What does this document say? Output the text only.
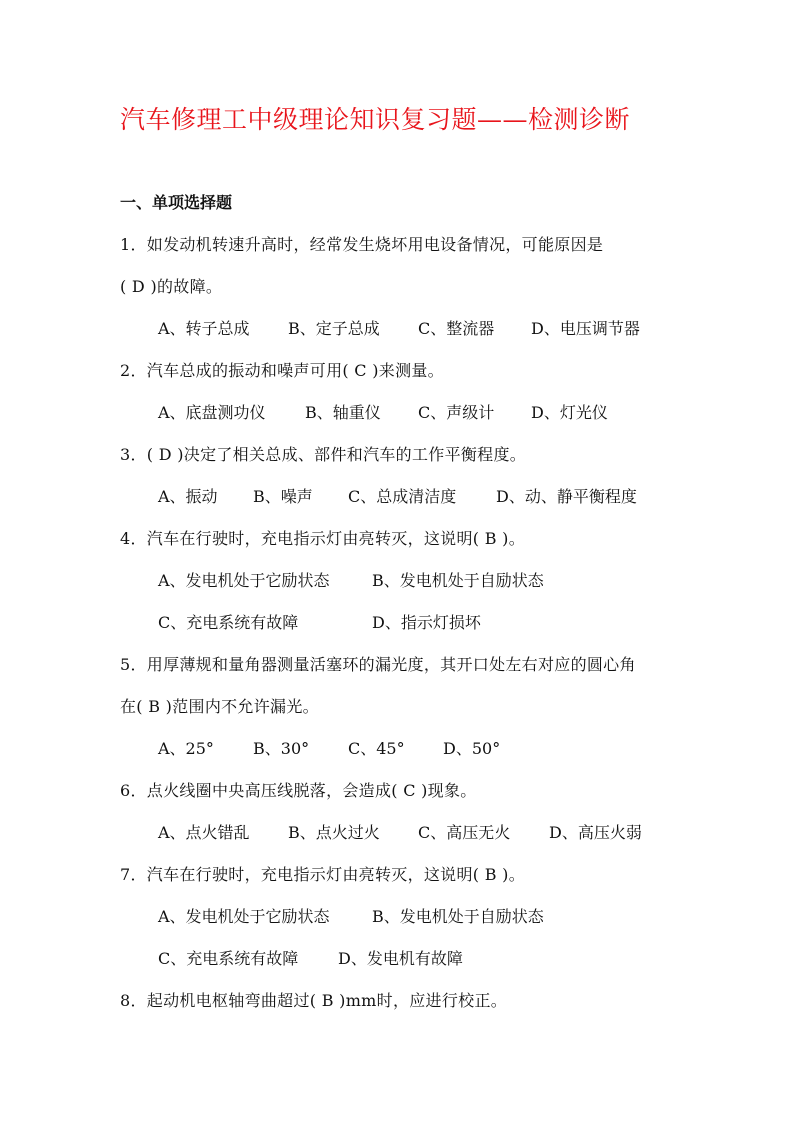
汽车修理工中级理论知识复习题——检测诊断
一、单项选择题
1．如发动机转速升高时，经常发生烧坏用电设备情况，可能原因是
( D )的故障。
A、转子总成 B、定子总成 C、整流器 D、电压调节器
2．汽车总成的振动和噪声可用( C )来测量。
A、底盘测功仪 B、轴重仪 C、声级计 D、灯光仪
3．( D )决定了相关总成、部件和汽车的工作平衡程度。
A、振动 B、噪声 C、总成清洁度 D、动、静平衡程度
4．汽车在行驶时，充电指示灯由亮转灭，这说明( B )。
A、发电机处于它励状态	B、发电机处于自励状态
C、充电系统有故障	D、指示灯损坏
5．用厚薄规和量角器测量活塞环的漏光度，其开口处左右对应的圆心角
在( B )范围内不允许漏光。
A、25° B、30° C、45° D、50°
6．点火线圈中央高压线脱落，会造成( C )现象。
A、点火错乱 B、点火过火 C、高压无火 D、高压火弱
7．汽车在行驶时，充电指示灯由亮转灭，这说明( B )。
A、发电机处于它励状态	B、发电机处于自励状态
C、充电系统有故障 D、发电机有故障
8．起动机电枢轴弯曲超过( B )mm时，应进行校正。
